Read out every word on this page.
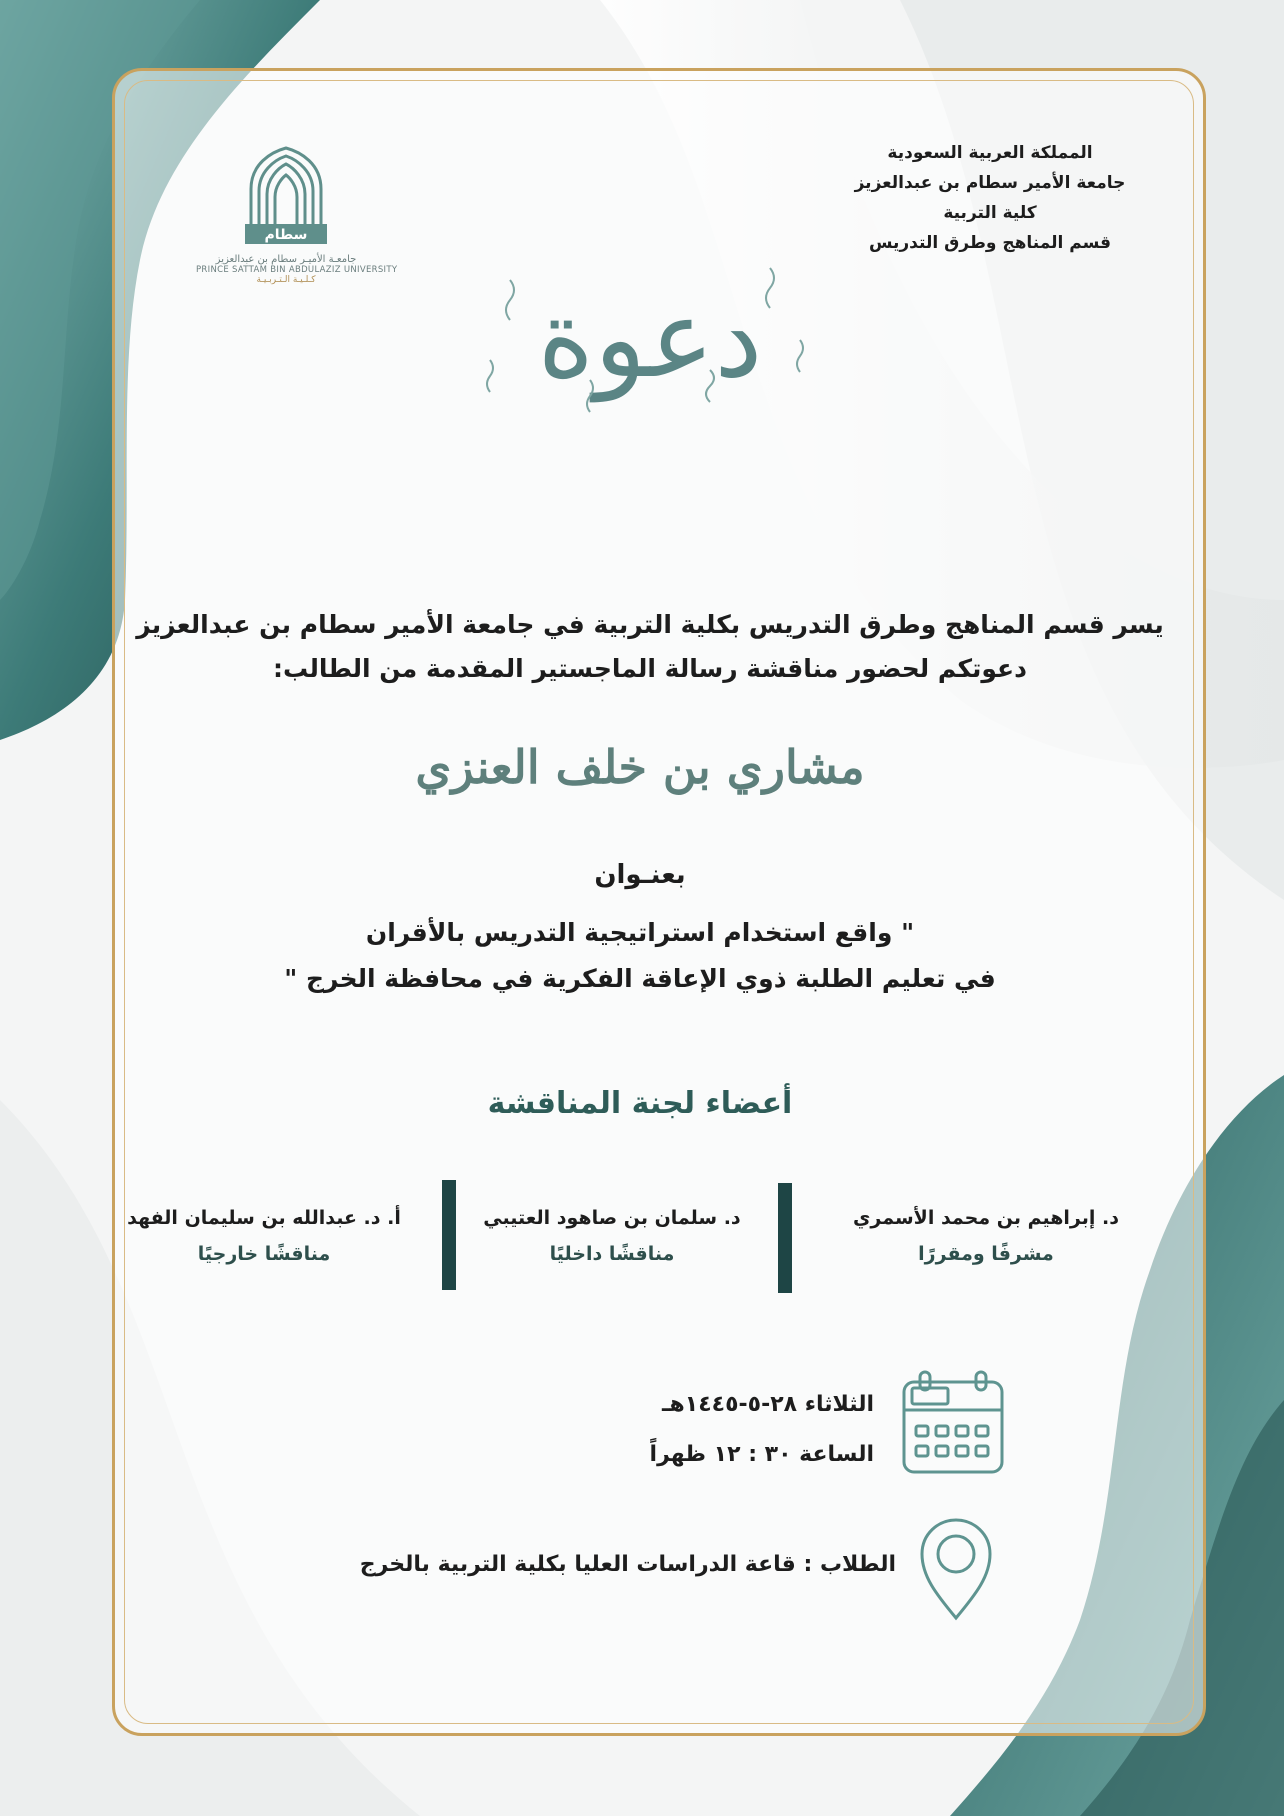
سطام
جامعـة الأميـر سطام بن عبدالعزيز
PRINCE SATTAM BIN ABDULAZIZ UNIVERSITY
كـلـيـة الـتـربـيـة
المملكة العربية السعودية
جامعة الأمير سطام بن عبدالعزيز
كلية التربية
قسم المناهج وطرق التدريس
دعوة
يسر قسم المناهج وطرق التدريس بكلية التربية في جامعة الأمير سطام بن عبدالعزيز
دعوتكم لحضور مناقشة رسالة الماجستير المقدمة من الطالب:
مشاري بن خلف العنزي
بعنـوان
" واقع استخدام استراتيجية التدريس بالأقران
في تعليم الطلبة ذوي الإعاقة الفكرية في محافظة الخرج "
أعضاء لجنة المناقشة
د. إبراهيم بن محمد الأسمري
مشرفًا ومقررًا
د. سلمان بن صاهود العتيبي
مناقشًا داخليًا
أ. د. عبدالله بن سليمان الفهد
مناقشًا خارجيًا
الثلاثاء ٢٨-٥-١٤٤٥هـ
الساعة ٣٠ : ١٢ ظهراً
الطلاب : قاعة الدراسات العليا بكلية التربية بالخرج
